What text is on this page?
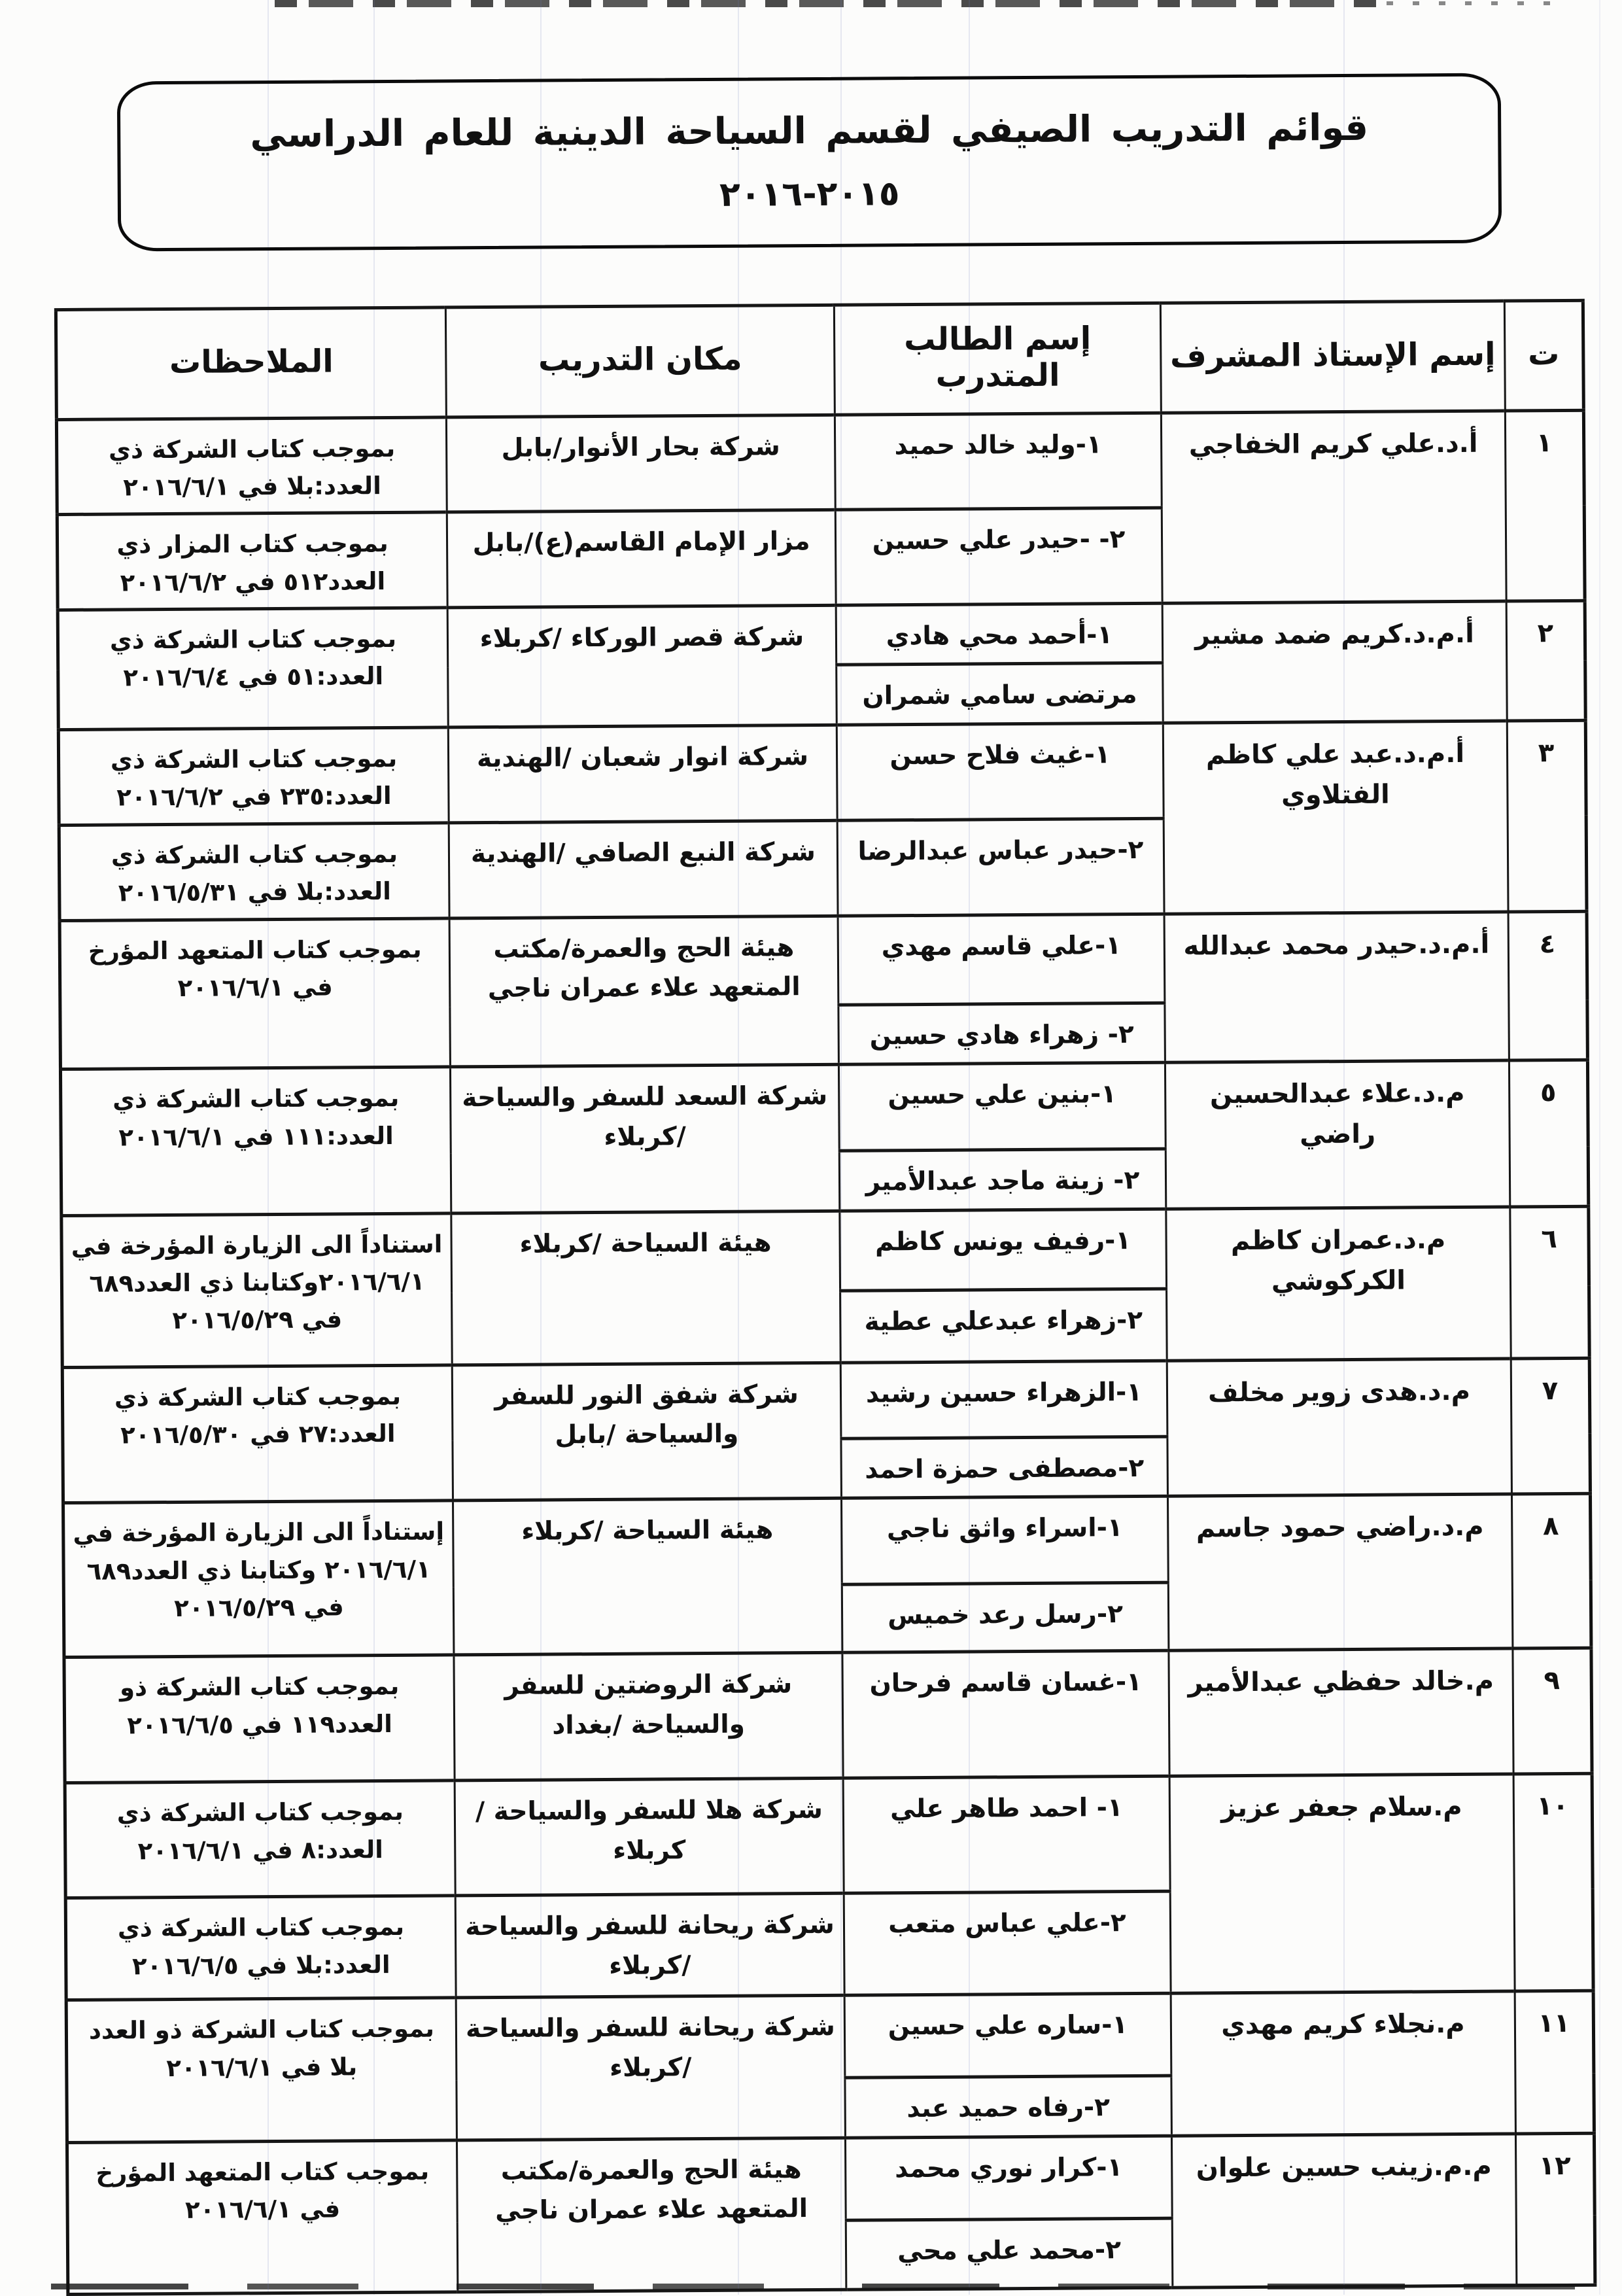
قوائم التدريب الصيفي لقسم السياحة الدينية للعام الدراسي
٢٠١٥-٢٠١٦
ت	إسم الإستاذ المشرف	إسم الطالب المتدرب	مكان التدريب	الملاحظات
١	أ.د.علي كريم الخفاجي	١-وليد خالد حميد	شركة بحار الأنوار/بابل	بموجب كتاب الشركة ذي العدد:بلا في ٢٠١٦/٦/١
		٢- -حيدر علي حسين	مزار الإمام القاسم(ع)/بابل	بموجب كتاب المزار ذي العدد٥١٢ في ٢٠١٦/٦/٢
٢	أ.م.د.كريم ضمد مشير	١-أحمد محي هادي	شركة قصر الوركاء /كربلاء	بموجب كتاب الشركة ذي العدد:٥١ في ٢٠١٦/٦/٤
		مرتضى سامي شمران		
٣	أ.م.د.عبد علي كاظم الفتلاوي	١-غيث فلاح حسن	شركة انوار شعبان /الهندية	بموجب كتاب الشركة ذي العدد:٢٣٥ في ٢٠١٦/٦/٢
		٢-حيدر عباس عبدالرضا	شركة النبع الصافي /الهندية	بموجب كتاب الشركة ذي العدد:بلا في ٢٠١٦/٥/٣١
٤	أ.م.د.حيدر محمد عبدالله	١-علي قاسم مهدي	هيئة الحج والعمرة/مكتب المتعهد علاء عمران ناجي	بموجب كتاب المتعهد المؤرخ في ٢٠١٦/٦/١
		٢- زهراء هادي حسين		
٥	م.د.علاء عبدالحسين راضي	١-بنين علي حسين	شركة السعد للسفر والسياحة /كربلاء	بموجب كتاب الشركة ذي العدد:١١١ في ٢٠١٦/٦/١
		٢- زينة ماجد عبدالأمير		
٦	م.د.عمران كاظم الكركوشي	١-رفيف يونس كاظم	هيئة السياحة /كربلاء	استناداً الى الزيارة المؤرخة في ٢٠١٦/٦/١وكتابنا ذي العدد٦٨٩ في ٢٠١٦/٥/٢٩
		٢-زهراء عبدعلي عطية		
٧	م.د.هدى زوير مخلف	١-الزهراء حسين رشيد	شركة شفق النور للسفر والسياحة /بابل	بموجب كتاب الشركة ذي العدد:٢٧ في ٢٠١٦/٥/٣٠
		٢-مصطفى حمزة احمد		
٨	م.د.راضي حمود جاسم	١-اسراء واثق ناجي	هيئة السياحة /كربلاء	إستناداً الى الزيارة المؤرخة في ٢٠١٦/٦/١ وكتابنا ذي العدد٦٨٩ في ٢٠١٦/٥/٢٩
		٢-رسل رعد خميس		
٩	م.خالد حفظي عبدالأمير	١-غسان قاسم فرحان	شركة الروضتين للسفر والسياحة /بغداد	بموجب كتاب الشركة ذو العدد١١٩ في ٢٠١٦/٦/٥
١٠	م.سلام جعفر عزيز	١- احمد طاهر علي	شركة هلا للسفر والسياحة /كربلاء	بموجب كتاب الشركة ذي العدد:٨ في ٢٠١٦/٦/١
		٢-علي عباس متعب	شركة ريحانة للسفر والسياحة /كربلاء	بموجب كتاب الشركة ذي العدد:بلا في ٢٠١٦/٦/٥
١١	م.نجلاء كريم مهدي	١-ساره علي حسين	شركة ريحانة للسفر والسياحة /كربلاء	بموجب كتاب الشركة ذو العدد بلا في ٢٠١٦/٦/١
		٢-رفاه حميد عبد		
١٢	م.م.زينب حسين علوان	١-كرار نوري محمد	هيئة الحج والعمرة/مكتب المتعهد علاء عمران ناجي	بموجب كتاب المتعهد المؤرخ في ٢٠١٦/٦/١
		٢-محمد علي محي		
